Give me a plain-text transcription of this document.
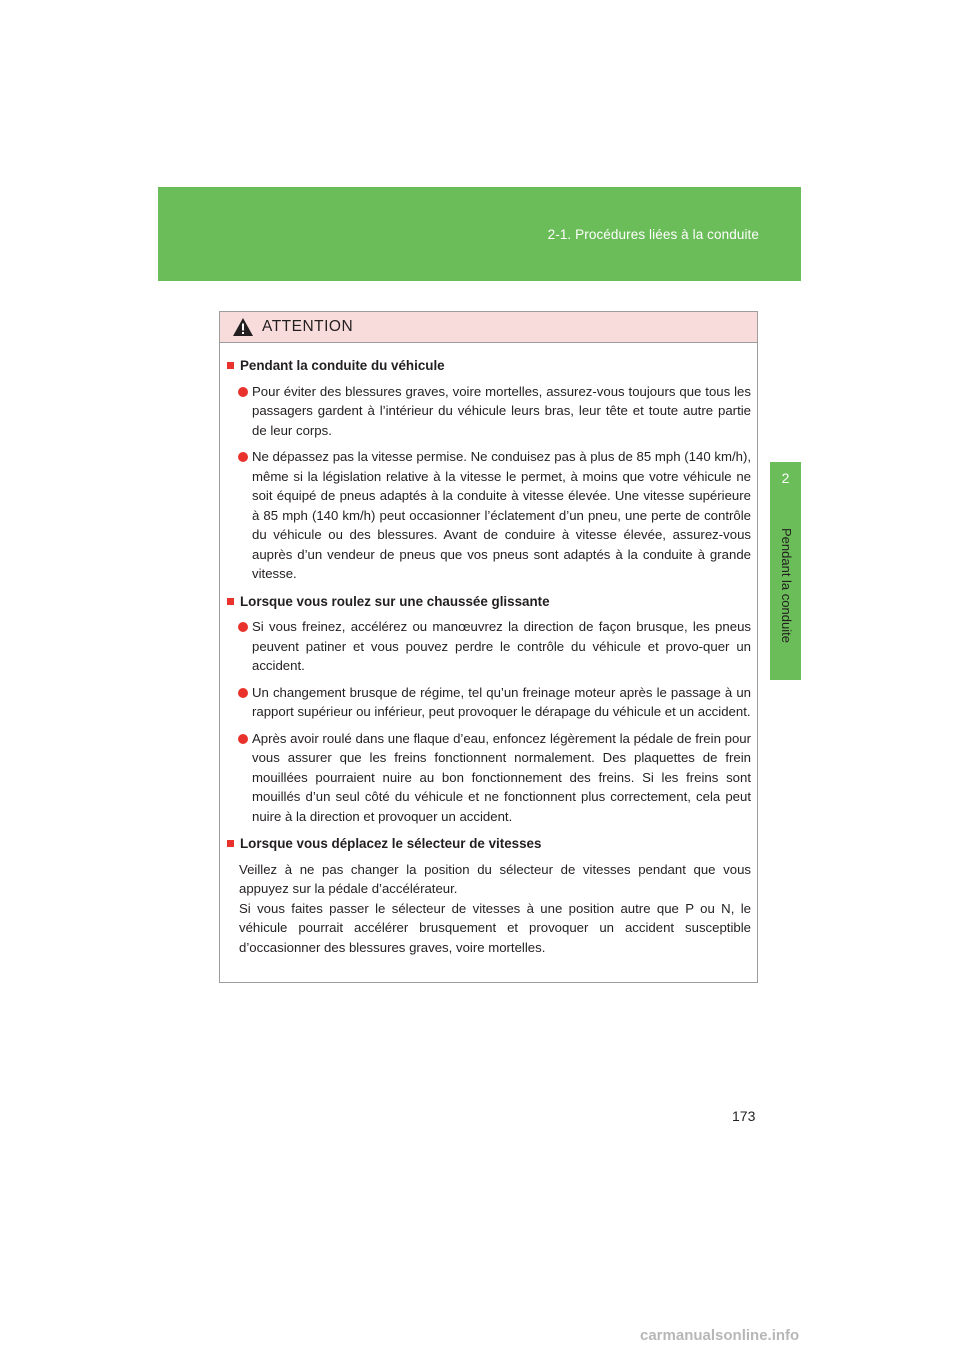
2-1. Procédures liées à la conduite
2
Pendant la conduite
ATTENTION
Pendant la conduite du véhicule
Pour éviter des blessures graves, voire mortelles, assurez-vous toujours que tous les passagers gardent à l’intérieur du véhicule leurs bras, leur tête et toute autre partie de leur corps.
Ne dépassez pas la vitesse permise. Ne conduisez pas à plus de 85 mph (140 km/h), même si la législation relative à la vitesse le permet, à moins que votre véhicule ne soit équipé de pneus adaptés à la conduite à vitesse élevée. Une vitesse supérieure à 85 mph (140 km/h) peut occasionner l’éclatement d’un pneu, une perte de contrôle du véhicule ou des blessures. Avant de conduire à vitesse élevée, assurez-vous auprès d’un vendeur de pneus que vos pneus sont adaptés à la conduite à grande vitesse.
Lorsque vous roulez sur une chaussée glissante
Si vous freinez, accélérez ou manœuvrez la direction de façon brusque, les pneus peuvent patiner et vous pouvez perdre le contrôle du véhicule et provo-quer un accident.
Un changement brusque de régime, tel qu’un freinage moteur après le passage à un rapport supérieur ou inférieur, peut provoquer le dérapage du véhicule et un accident.
Après avoir roulé dans une flaque d’eau, enfoncez légèrement la pédale de frein pour vous assurer que les freins fonctionnent normalement. Des plaquettes de frein mouillées pourraient nuire au bon fonctionnement des freins. Si les freins sont mouillés d’un seul côté du véhicule et ne fonctionnent plus correctement, cela peut nuire à la direction et provoquer un accident.
Lorsque vous déplacez le sélecteur de vitesses
Veillez à ne pas changer la position du sélecteur de vitesses pendant que vous appuyez sur la pédale d’accélérateur.
Si vous faites passer le sélecteur de vitesses à une position autre que P ou N, le véhicule pourrait accélérer brusquement et provoquer un accident susceptible d’occasionner des blessures graves, voire mortelles.
173
carmanualsonline.info
